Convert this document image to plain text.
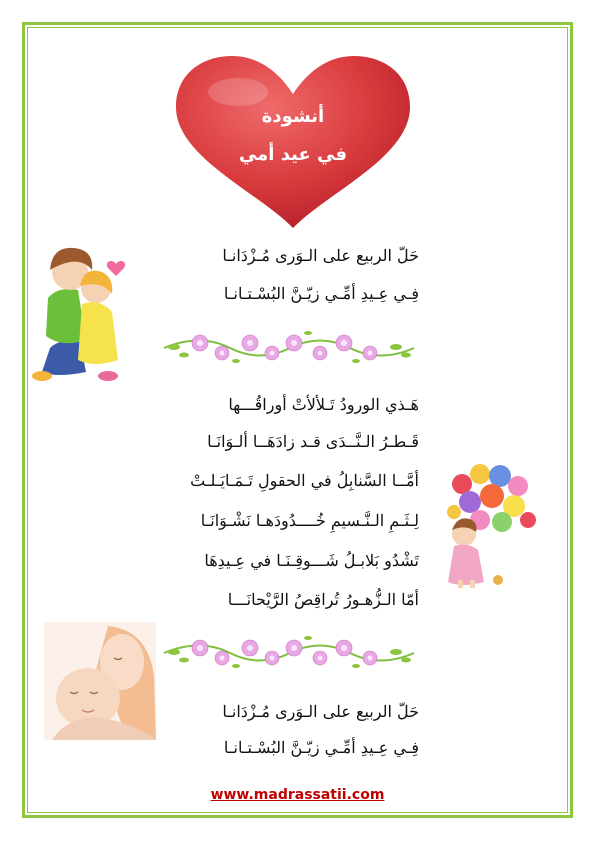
أنشودة
في عيد أمي
حَلّ الربيع على الـوَرى مُـزْدَانـا
فِـي عِـيدِ أمِّـي زيّـنَّ البُسْـتـانـا
هَـذي الورودُ تَـلألأتْ أوراقُـــها
قَـطـرُ الـنَّــدَى قـد زادَهَــا ألـوَانَـا
أمَّــا السَّنابِلُ في الحقولِ تَـمَـايَـلـتْ
لِـثَـمِ الـنَّـسيمِ خُــــدُودَهـا نَشْـوَانَـا
تَشْدُو بَلابـلُ شَـــوقِـنَـا في عِـيدِهَا
أمّا الـزُّهـورُ تُراقِصُ الرَّيْحانَـــا
حَلّ الربيع على الـوَرى مُـزْدَانـا
فِـي عِـيدِ أمِّـي زيّـنَّ البُسْـتـانـا
www.madrassatii.com
